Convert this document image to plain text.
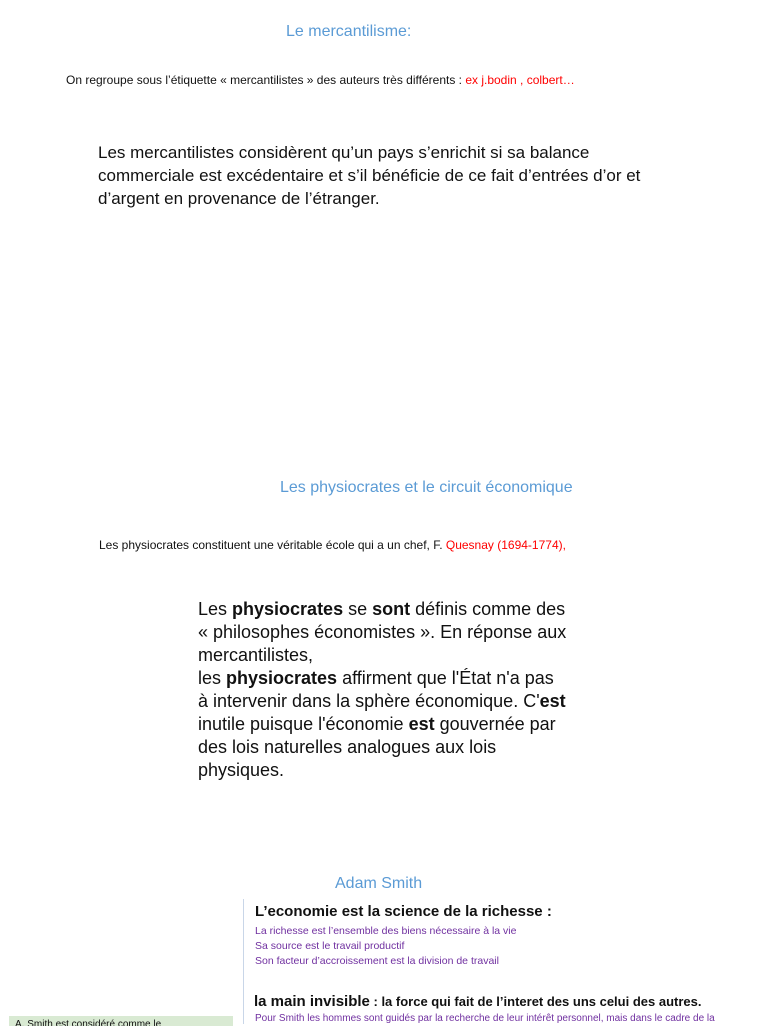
Le mercantilisme:
On regroupe sous l’étiquette « mercantilistes » des auteurs très différents : ex j.bodin , colbert…
Les mercantilistes considèrent qu’un pays s’enrichit si sa balance commerciale est excédentaire et s’il bénéficie de ce fait d’entrées d’or et d’argent en provenance de l’étranger.
Les physiocrates et le circuit économique
Les physiocrates constituent une véritable école qui a un chef, F. Quesnay (1694-1774),
Les physiocrates se sont définis comme des « philosophes économistes ». En réponse aux mercantilistes,
les physiocrates affirment que l'État n'a pas à intervenir dans la sphère économique. C'est inutile puisque l'économie est gouvernée par des lois naturelles analogues aux lois physiques.
Adam Smith
L’economie est la science de la richesse :
La richesse est l’ensemble des biens nécessaire à la vie
Sa source est le travail productif
Son facteur d’accroissement est la division de travail
la main invisible : la force qui fait de l’interet des uns celui des autres.
Pour Smith les hommes sont guidés par la recherche de leur intérêt personnel, mais dans le cadre de la
A. Smith est considéré comme le
